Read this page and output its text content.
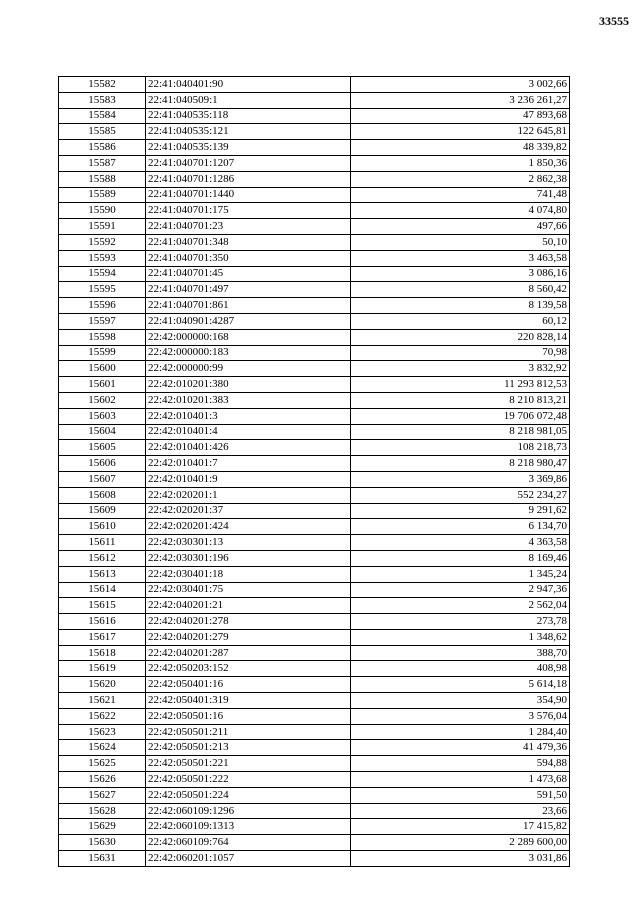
33555
15582	22:41:040401:90	3 002,66
15583	22:41:040509:1	3 236 261,27
15584	22:41:040535:118	47 893,68
15585	22:41:040535:121	122 645,81
15586	22:41:040535:139	48 339,82
15587	22:41:040701:1207	1 850,36
15588	22:41:040701:1286	2 862,38
15589	22:41:040701:1440	741,48
15590	22:41:040701:175	4 074,80
15591	22:41:040701:23	497,66
15592	22:41:040701:348	50,10
15593	22:41:040701:350	3 463,58
15594	22:41:040701:45	3 086,16
15595	22:41:040701:497	8 560,42
15596	22:41:040701:861	8 139,58
15597	22:41:040901:4287	60,12
15598	22:42:000000:168	220 828,14
15599	22:42:000000:183	70,98
15600	22:42:000000:99	3 832,92
15601	22:42:010201:380	11 293 812,53
15602	22:42:010201:383	8 210 813,21
15603	22:42:010401:3	19 706 072,48
15604	22:42:010401:4	8 218 981,05
15605	22:42:010401:426	108 218,73
15606	22:42:010401:7	8 218 980,47
15607	22:42:010401:9	3 369,86
15608	22:42:020201:1	552 234,27
15609	22:42:020201:37	9 291,62
15610	22:42:020201:424	6 134,70
15611	22:42:030301:13	4 363,58
15612	22:42:030301:196	8 169,46
15613	22:42:030401:18	1 345,24
15614	22:42:030401:75	2 947,36
15615	22:42:040201:21	2 562,04
15616	22:42:040201:278	273,78
15617	22:42:040201:279	1 348,62
15618	22:42:040201:287	388,70
15619	22:42:050203:152	408,98
15620	22:42:050401:16	5 614,18
15621	22:42:050401:319	354,90
15622	22:42:050501:16	3 576,04
15623	22:42:050501:211	1 284,40
15624	22:42:050501:213	41 479,36
15625	22:42:050501:221	594,88
15626	22:42:050501:222	1 473,68
15627	22:42:050501:224	591,50
15628	22:42:060109:1296	23,66
15629	22:42:060109:1313	17 415,82
15630	22:42:060109:764	2 289 600,00
15631	22:42:060201:1057	3 031,86
